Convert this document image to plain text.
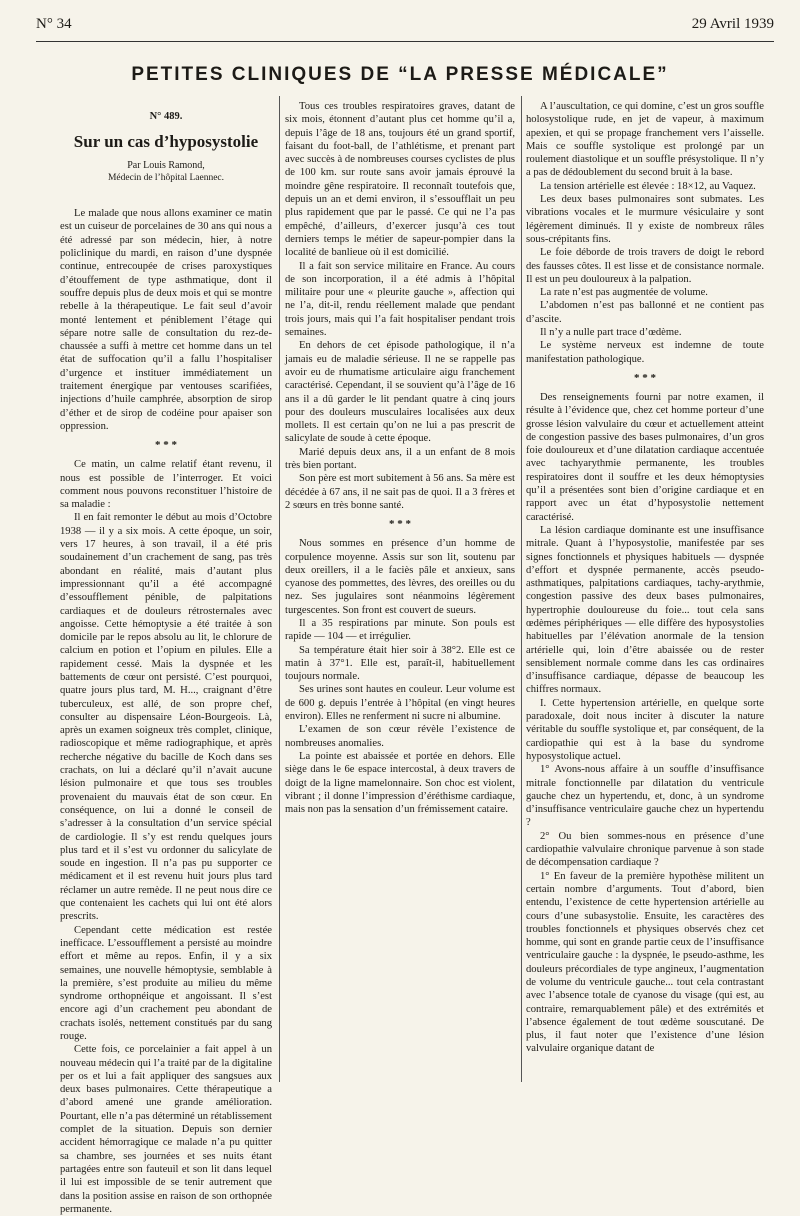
N° 34	29 Avril 1939
PETITES CLINIQUES DE “LA PRESSE MÉDICALE”

N° 489.

Sur un cas d’hyposystolie

Par Louis Ramond,

Médecin de l’hôpital Laennec.

Le malade que nous allons examiner ce matin est un cuiseur de porcelaines de 30 ans qui nous a été adressé par son médecin, hier, à notre policlinique du mardi, en raison d’une dyspnée continue, entrecoupée de crises paroxystiques d’étouffement de type asthmatique, dont il souffre depuis plus de deux mois et qui se montre rebelle à la thérapeutique. Le fait seul d’avoir monté lentement et péniblement l’étage qui sépare notre salle de consultation du rez-de-chaussée a suffi à mettre cet homme dans un tel état de suffocation qu’il a fallu l’hospitaliser d’urgence et instituer immédiatement un traitement énergique par ventouses scarifiées, injections d’huile camphrée, absorption de sirop d’éther et de sirop de codéine pour apaiser son oppression.

* * *

Ce matin, un calme relatif étant revenu, il nous est possible de l’interroger. Et voici comment nous pouvons reconstituer l’histoire de sa maladie :

Il en fait remonter le début au mois d’Octobre 1938 — il y a six mois. A cette époque, un soir, vers 17 heures, à son travail, il a été pris soudainement d’un crachement de sang, pas très abondant en réalité, mais d’autant plus impressionnant qu’il a été accompagné d’essoufflement pénible, de palpitations cardiaques et de douleurs rétrosternales avec angoisse. Cette hémoptysie a été traitée à son domicile par le repos absolu au lit, le chlorure de calcium en potion et l’opium en pilules. Elle a rapidement cessé. Mais la dyspnée et les battements de cœur ont persisté. C’est pourquoi, quatre jours plus tard, M. H..., craignant d’être tuberculeux, est allé, de son propre chef, consulter au dispensaire Léon-Bourgeois. Là, après un examen soigneux très complet, clinique, radioscopique et même radiographique, et après recherche négative du bacille de Koch dans ses crachats, on lui a déclaré qu’il n’avait aucune lésion pulmonaire et que tous ses troubles provenaient du mauvais état de son cœur. En conséquence, on lui a donné le conseil de s’adresser à la consultation d’un service spécial de cardiologie. Il s’y est rendu quelques jours plus tard et il s’est vu ordonner du salicylate de soude en ingestion. Il n’a pas pu supporter ce médicament et il est revenu huit jours plus tard réclamer un autre remède. Il ne peut nous dire ce que contenaient les cachets qui lui ont été alors prescrits.

Cependant cette médication est restée inefficace. L’essoufflement a persisté au moindre effort et même au repos. Enfin, il y a six semaines, une nouvelle hémoptysie, semblable à la première, s’est produite au milieu du même syndrome orthopnéique et angoissant. Il s’est encore agi d’un crachement peu abondant de crachats isolés, nettement constitués par du sang rouge.

Cette fois, ce porcelainier a fait appel à un nouveau médecin qui l’a traité par de la digitaline per os et lui a fait appliquer des sangsues aux deux bases pulmonaires. Cette thérapeutique a d’abord amené une grande amélioration. Pourtant, elle n’a pas déterminé un rétablissement complet de la situation. Depuis son dernier accident hémorragique ce malade n’a pu quitter sa chambre, ses journées et ses nuits étant partagées entre son fauteuil et son lit dans lequel il lui est impossible de se tenir autrement que dans la position assise en raison de son orthopnée permanente.

Tous ces troubles respiratoires graves, datant de six mois, étonnent d’autant plus cet homme qu’il a, depuis l’âge de 18 ans, toujours été un grand sportif, faisant du foot-ball, de l’athlétisme, et prenant part avec succès à de nombreuses courses cyclistes de plus de 100 km. sur route sans avoir jamais éprouvé la moindre gêne respiratoire. Il reconnaît toutefois que, depuis un an et demi environ, il s’essoufflait un peu plus rapidement que par le passé. Ce qui ne l’a pas empêché, d’ailleurs, d’exercer jusqu’à ces tout derniers temps le métier de sapeur-pompier dans la localité de banlieue où il est domicilié.

Il a fait son service militaire en France. Au cours de son incorporation, il a été admis à l’hôpital militaire pour une « pleurite gauche », affection qui ne l’a, dit-il, rendu réellement malade que pendant trois jours, mais qui l’a fait hospitaliser pendant trois semaines.

En dehors de cet épisode pathologique, il n’a jamais eu de maladie sérieuse. Il ne se rappelle pas avoir eu de rhumatisme articulaire aigu franchement caractérisé. Cependant, il se souvient qu’à l’âge de 16 ans il a dû garder le lit pendant quatre à cinq jours pour des douleurs musculaires localisées aux deux mollets. Il est certain qu’on ne lui a pas prescrit de salicylate de soude à cette époque.

Marié depuis deux ans, il a un enfant de 8 mois très bien portant.

Son père est mort subitement à 56 ans. Sa mère est décédée à 67 ans, il ne sait pas de quoi. Il a 3 frères et 2 sœurs en très bonne santé.

* * *

Nous sommes en présence d’un homme de corpulence moyenne. Assis sur son lit, soutenu par deux oreillers, il a le faciès pâle et anxieux, sans cyanose des pommettes, des lèvres, des oreilles ou du nez. Ses jugulaires sont néanmoins légèrement turgescentes. Son front est couvert de sueurs.

Il a 35 respirations par minute. Son pouls est rapide — 104 — et irrégulier.

Sa température était hier soir à 38°2. Elle est ce matin à 37°1. Elle est, paraît-il, habituellement toujours normale.

Ses urines sont hautes en couleur. Leur volume est de 600 g. depuis l’entrée à l’hôpital (en vingt heures environ). Elles ne renferment ni sucre ni albumine.

L’examen de son cœur révèle l’existence de nombreuses anomalies.

La pointe est abaissée et portée en dehors. Elle siège dans le 6e espace intercostal, à deux travers de doigt de la ligne mamelonnaire. Son choc est violent, vibrant ; il donne l’impression d’éréthisme cardiaque, mais non pas la sensation d’un frémissement cataire.

A l’auscultation, ce qui domine, c’est un gros souffle holosystolique rude, en jet de vapeur, à maximum apexien, et qui se propage franchement vers l’aisselle. Mais ce souffle systolique est prolongé par un roulement diastolique et un souffle présystolique. Il n’y a pas de dédoublement du second bruit à la base.

La tension artérielle est élevée : 18×12, au Vaquez.

Les deux bases pulmonaires sont submates. Les vibrations vocales et le murmure vésiculaire y sont légèrement diminués. Il y existe de nombreux râles sous-crépitants fins.

Le foie déborde de trois travers de doigt le rebord des fausses côtes. Il est lisse et de consistance normale. Il est un peu douloureux à la palpation.

La rate n’est pas augmentée de volume.

L’abdomen n’est pas ballonné et ne contient pas d’ascite.

Il n’y a nulle part trace d’œdème.

Le système nerveux est indemne de toute manifestation pathologique.

* * *

Des renseignements fourni par notre examen, il résulte à l’évidence que, chez cet homme porteur d’une grosse lésion valvulaire du cœur et actuellement atteint de congestion passive des bases pulmonaires, d’un gros foie douloureux et d’une dilatation cardiaque accentuée avec tachyarythmie permanente, les troubles respiratoires dont il souffre et les deux hémoptysies qu’il a présentées sont bien d’origine cardiaque et en rapport avec un état d’hyposystolie nettement caractérisé.

La lésion cardiaque dominante est une insuffisance mitrale. Quant à l’hyposystolie, manifestée par ses signes fonctionnels et physiques habituels — dyspnée d’effort et dyspnée permanente, accès pseudo-asthmatiques, palpitations cardiaques, tachy-arythmie, congestion passive des deux bases pulmonaires, hypertrophie douloureuse du foie... tout cela sans œdèmes périphériques — elle diffère des hyposystolies habituelles par l’élévation anormale de la tension artérielle qui, loin d’être abaissée ou de rester sensiblement normale comme dans les cas ordinaires d’insuffisance cardiaque, dépasse de beaucoup les chiffres normaux.

I. Cette hypertension artérielle, en quelque sorte paradoxale, doit nous inciter à discuter la nature véritable du souffle systolique et, par conséquent, de la cardiopathie qui est à la base du syndrome hyposystolique actuel.

1° Avons-nous affaire à un souffle d’insuffisance mitrale fonctionnelle par dilatation du ventricule gauche chez un hypertendu, et, donc, à un syndrome d’insuffisance ventriculaire gauche chez un hypertendu ?

2° Ou bien sommes-nous en présence d’une cardiopathie valvulaire chronique parvenue à son stade de décompensation cardiaque ?

1° En faveur de la première hypothèse militent un certain nombre d’arguments. Tout d’abord, bien entendu, l’existence de cette hypertension artérielle au cours d’une subasystolie. Ensuite, les caractères des troubles fonctionnels et physiques observés chez cet homme, qui sont en grande partie ceux de l’insuffisance ventriculaire gauche : la dyspnée, le pseudo-asthme, les douleurs précordiales de type angineux, l’augmentation de volume du ventricule gauche... tout cela contrastant avec l’absence totale de cyanose du visage (qui est, au contraire, remarquablement pâle) et des extrémités et l’absence également de tout œdème souscutané. De plus, il faut noter que l’existence d’une lésion valvulaire organique datant de
